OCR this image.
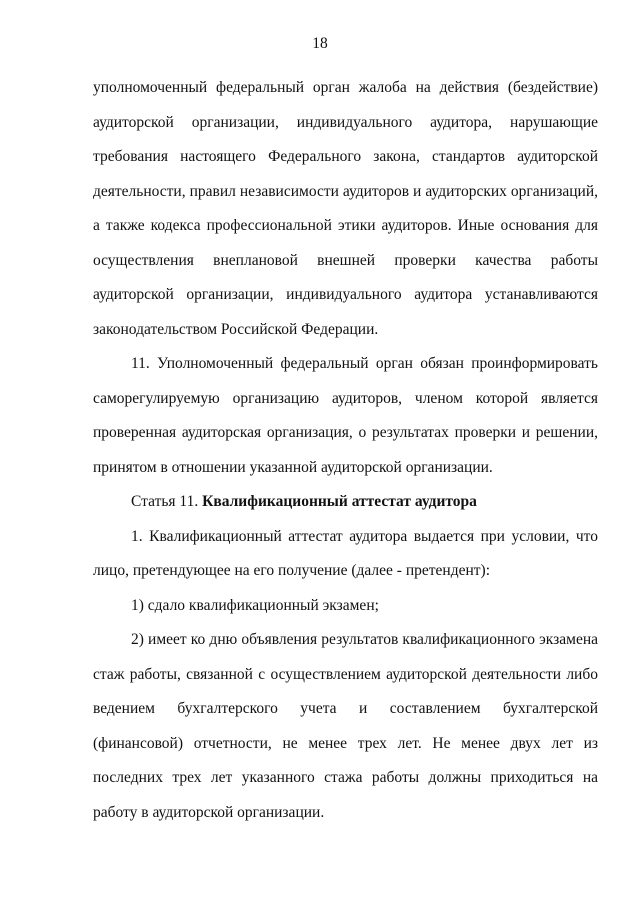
18

уполномоченный федеральный орган жалоба на действия (бездействие) аудиторской организации, индивидуального аудитора, нарушающие требования настоящего Федерального закона, стандартов аудиторской деятельности, правил независимости аудиторов и аудиторских организаций, а также кодекса профессиональной этики аудиторов. Иные основания для осуществления внеплановой внешней проверки качества работы аудиторской организации, индивидуального аудитора устанавливаются законодательством Российской Федерации.

11. Уполномоченный федеральный орган обязан проинформировать саморегулируемую организацию аудиторов, членом которой является проверенная аудиторская организация, о результатах проверки и решении, принятом в отношении указанной аудиторской организации.

Статья 11. Квалификационный аттестат аудитора

1. Квалификационный аттестат аудитора выдается при условии, что лицо, претендующее на его получение (далее - претендент):

1) сдало квалификационный экзамен;

2) имеет ко дню объявления результатов квалификационного экзамена стаж работы, связанной с осуществлением аудиторской деятельности либо ведением бухгалтерского учета и составлением бухгалтерской (финансовой) отчетности, не менее трех лет. Не менее двух лет из последних трех лет указанного стажа работы должны приходиться на работу в аудиторской организации.
